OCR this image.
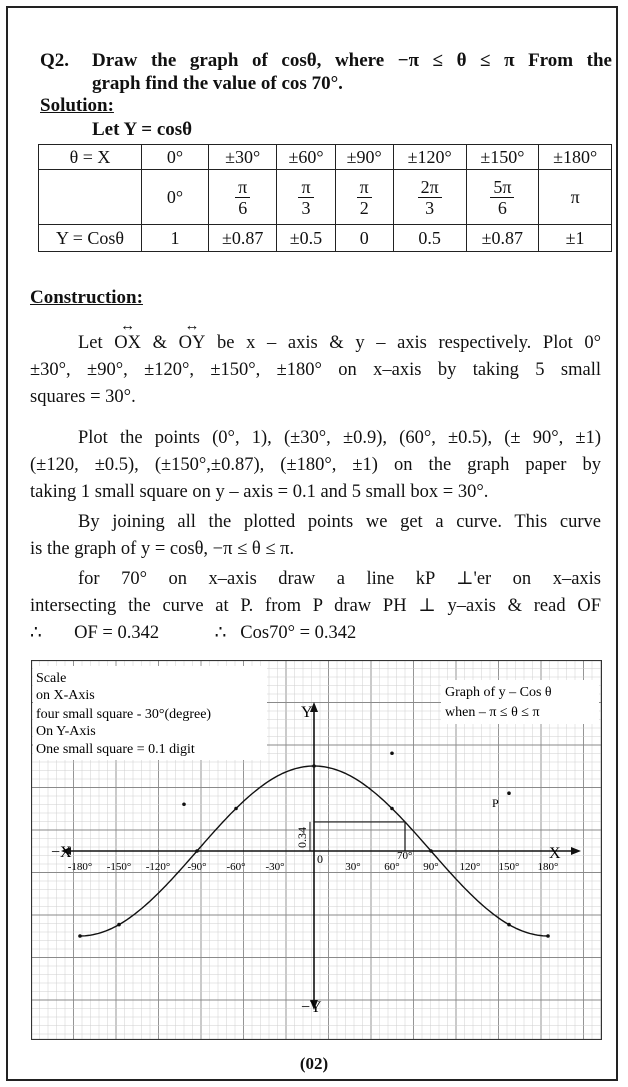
Q2. Draw the graph of cosθ, where −π ≤ θ ≤ π From the
graph find the value of cos 70°.
Solution:
Let Y = cosθ
θ = X	0°	±30°	±60°	±90°	±120°	±150°	±180°
	0°	$\frac{\pi}{6}$	$\frac{\pi}{3}$	$\frac{\pi}{2}$	$\frac{2\pi}{3}$	$\frac{5\pi}{6}$	π
Y = Cosθ	1	±0.87	±0.5	0	0.5	±0.87	±1
Construction:
Let ↔ OX & ↔ OY be x – axis & y – axis respectively. Plot 0°
±30°, ±90°, ±120°, ±150°, ±180° on x–axis by taking 5 small
squares = 30°.
Plot the points (0°, 1), (±30°, ±0.9), (60°, ±0.5), (± 90°, ±1)
(±120, ±0.5), (±150°,±0.87), (±180°, ±1) on the graph paper by
taking 1 small square on y – axis = 0.1 and 5 small box = 30°.
By joining all the plotted points we get a curve. This curve
is the graph of y = cosθ, −π ≤ θ ≤ π.
for 70° on x–axis draw a line kP ⊥'er on x–axis
intersecting the curve at P. from P draw PH ⊥ y–axis & read OF
∴ OF = 0.342	∴ Cos70° = 0.342
Scale
on X-Axis
four small square - 30°(degree)
On Y-Axis
One small square = 0.1 digit
Graph of y – Cos θ
when – π ≤ θ ≤ π
Y
−Y
X
−X	0
-180° -150° -120° -90° -60° -30°	30° 60° 90° 120° 150° 180°
70°
0.34
P
(02)
